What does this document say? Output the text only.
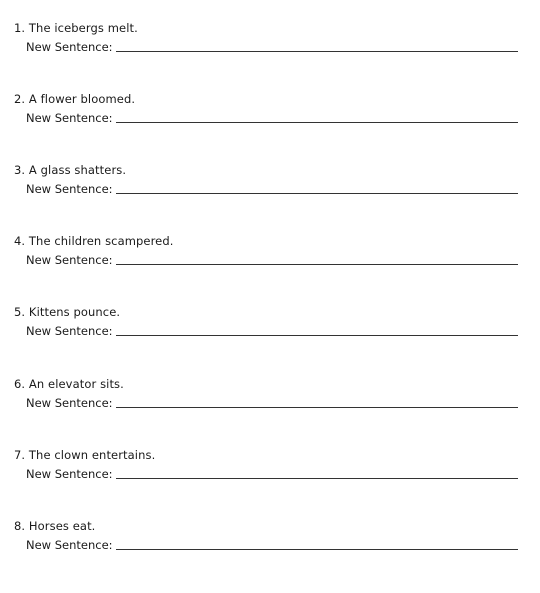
1. The icebergs melt.
New Sentence:
2. A flower bloomed.
New Sentence:
3. A glass shatters.
New Sentence:
4. The children scampered.
New Sentence:
5. Kittens pounce.
New Sentence:
6. An elevator sits.
New Sentence:
7. The clown entertains.
New Sentence:
8. Horses eat.
New Sentence:
